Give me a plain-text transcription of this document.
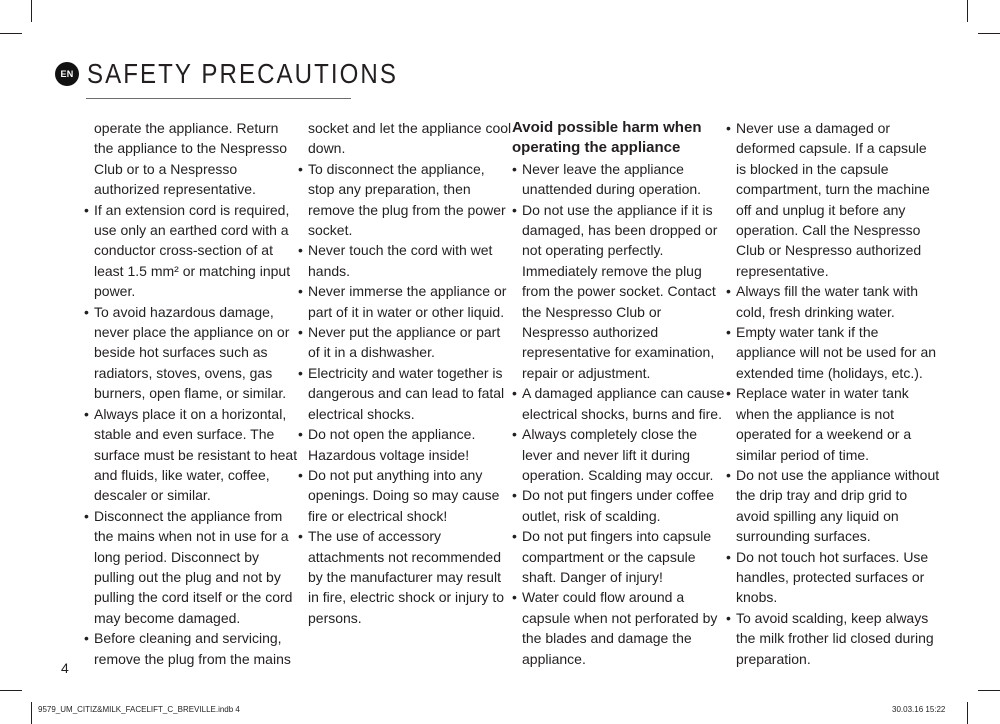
EN SAFETY PRECAUTIONS

operate the appliance. Return the appliance to the Nespresso Club or to a Nespresso authorized representative.

• If an extension cord is required, use only an earthed cord with a conductor cross-section of at least 1.5 mm² or matching input power.

• To avoid hazardous damage, never place the appliance on or beside hot surfaces such as radiators, stoves, ovens, gas burners, open flame, or similar.

• Always place it on a horizontal, stable and even surface. The surface must be resistant to heat and fluids, like water, coffee, descaler or similar.

• Disconnect the appliance from the mains when not in use for a long period. Disconnect by pulling out the plug and not by pulling the cord itself or the cord may become damaged.

• Before cleaning and servicing, remove the plug from the mains

socket and let the appliance cool down.

• To disconnect the appliance, stop any preparation, then remove the plug from the power socket.

• Never touch the cord with wet hands.

• Never immerse the appliance or part of it in water or other liquid.

• Never put the appliance or part of it in a dishwasher.

• Electricity and water together is dangerous and can lead to fatal electrical shocks.

• Do not open the appliance. Hazardous voltage inside!

• Do not put anything into any openings. Doing so may cause fire or electrical shock!

• The use of accessory attachments not recommended by the manufacturer may result in fire, electric shock or injury to persons.

Avoid possible harm when operating the appliance

• Never leave the appliance unattended during operation.

• Do not use the appliance if it is damaged, has been dropped or not operating perfectly. Immediately remove the plug from the power socket. Contact the Nespresso Club or Nespresso authorized representative for examination, repair or adjustment.

• A damaged appliance can cause electrical shocks, burns and fire.

• Always completely close the lever and never lift it during operation. Scalding may occur.

• Do not put fingers under coffee outlet, risk of scalding.

• Do not put fingers into capsule compartment or the capsule shaft. Danger of injury!

• Water could flow around a capsule when not perforated by the blades and damage the appliance.

• Never use a damaged or deformed capsule. If a capsule is blocked in the capsule compartment, turn the machine off and unplug it before any operation. Call the Nespresso Club or Nespresso authorized representative.

• Always fill the water tank with cold, fresh drinking water.

• Empty water tank if the appliance will not be used for an extended time (holidays, etc.).

• Replace water in water tank when the appliance is not operated for a weekend or a similar period of time.

• Do not use the appliance without the drip tray and drip grid to avoid spilling any liquid on surrounding surfaces.

• Do not touch hot surfaces. Use handles, protected surfaces or knobs.

• To avoid scalding, keep always the milk frother lid closed during preparation.

4
9579_UM_CITIZ&MILK_FACELIFT_C_BREVILLE.indb 4	30.03.16 15:22
